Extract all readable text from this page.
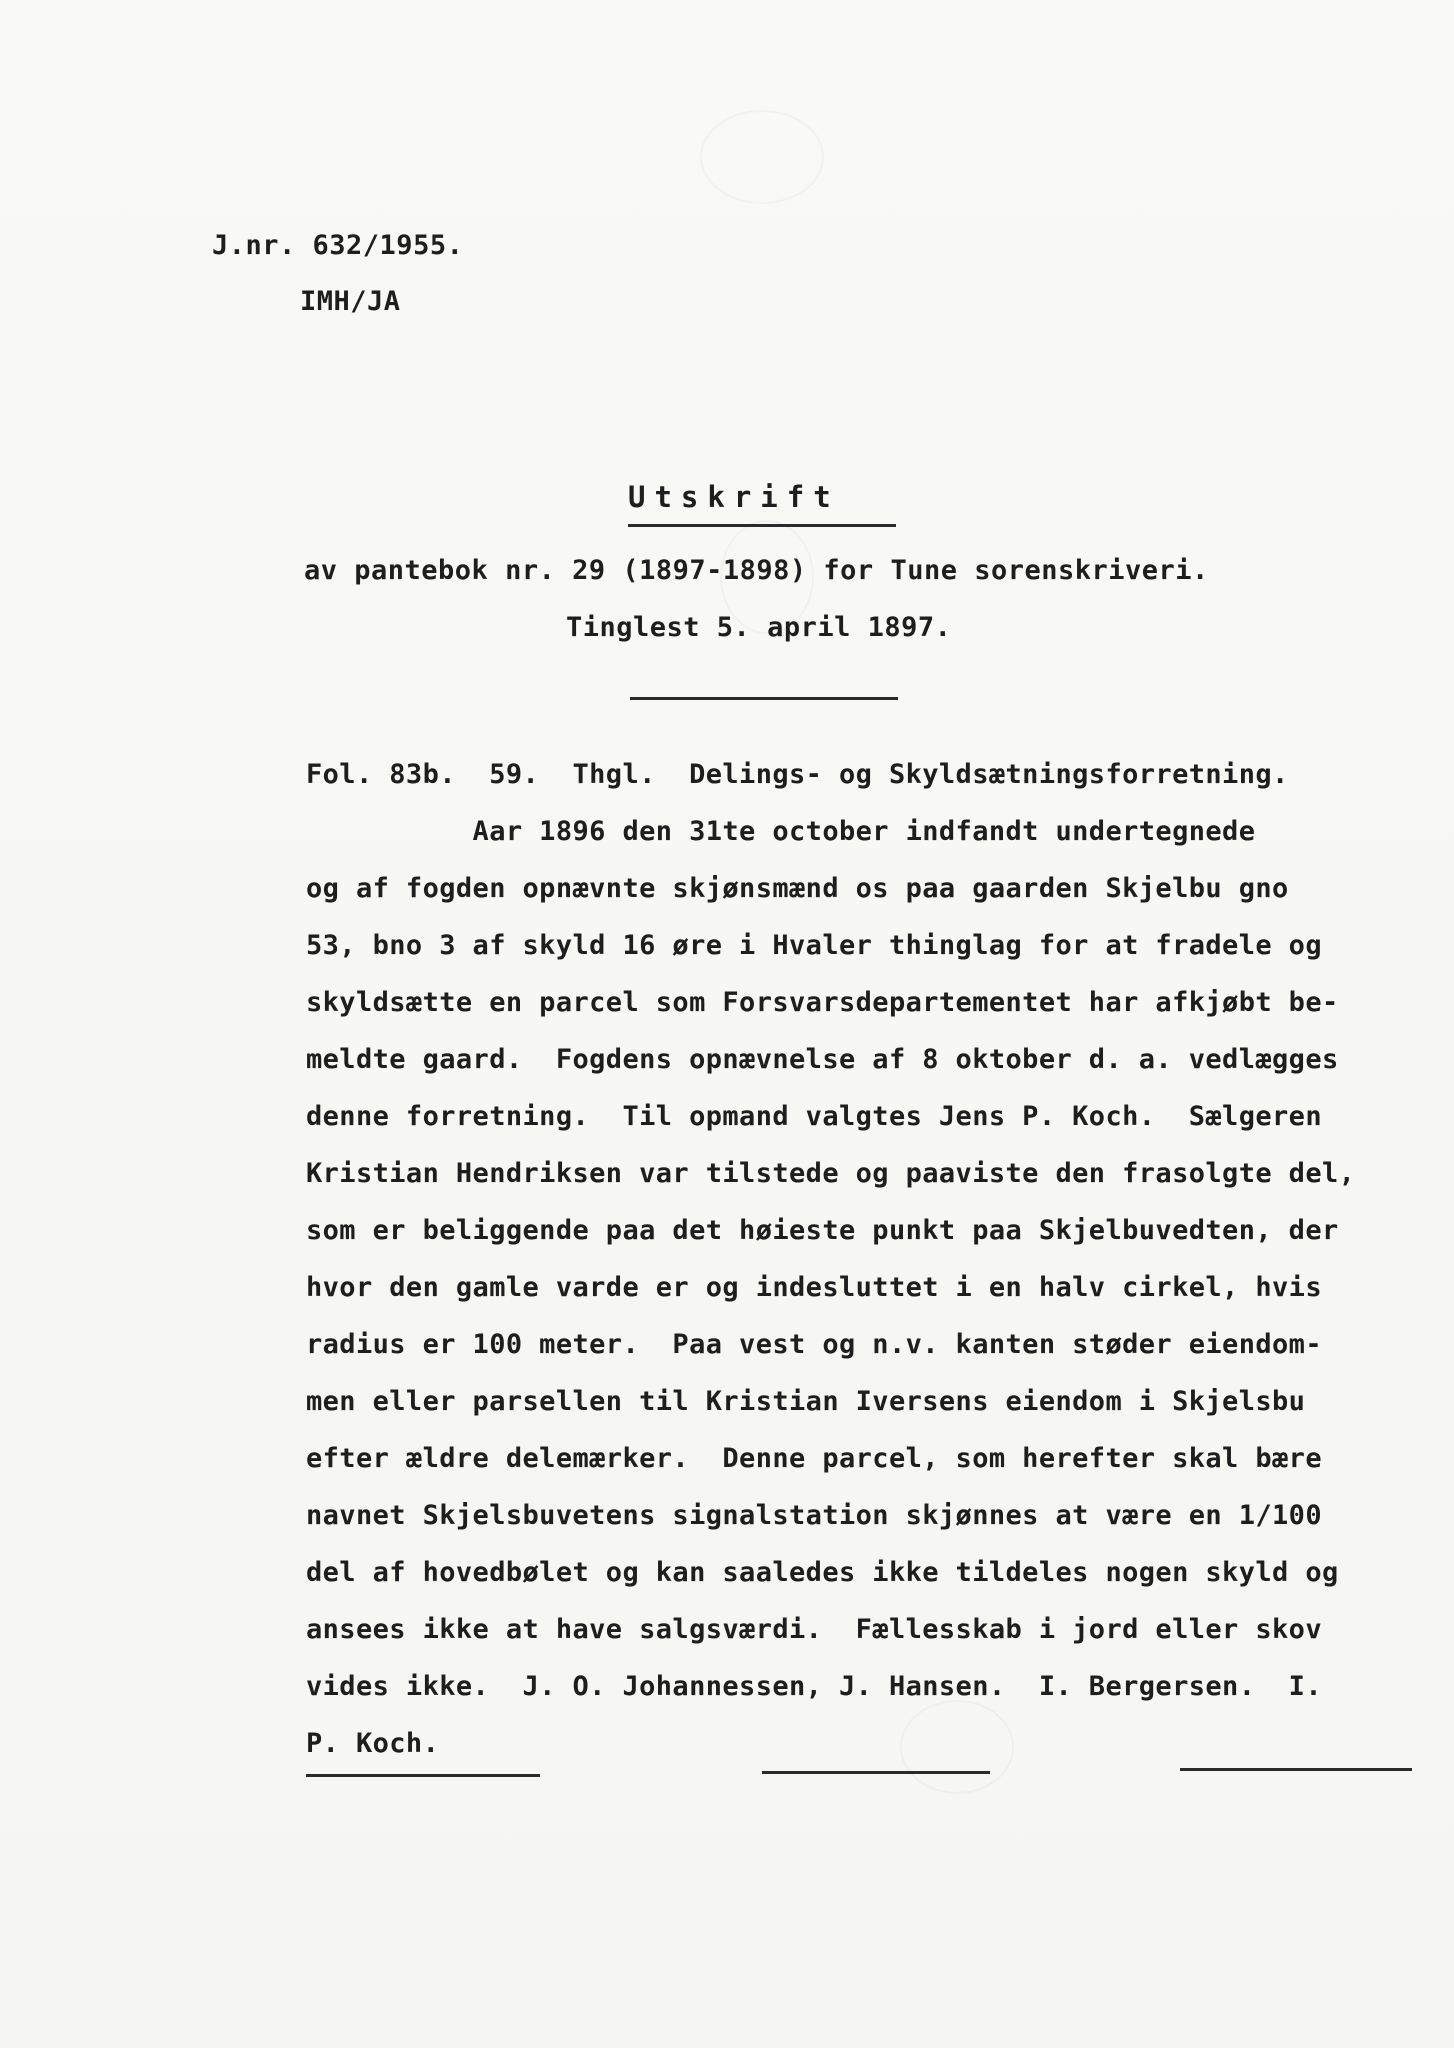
J.nr. 632/1955.
IMH/JA
Utskrift
av pantebok nr. 29 (1897-1898) for Tune sorenskriveri.
Tinglest 5. april 1897.
Fol. 83b.  59.  Thgl.  Delings- og Skyldsætningsforretning.
Aar 1896 den 31te october indfandt undertegnede
og af fogden opnævnte skjønsmænd os paa gaarden Skjelbu gno
53, bno 3 af skyld 16 øre i Hvaler thinglag for at fradele og
skyldsætte en parcel som Forsvarsdepartementet har afkjøbt be-
meldte gaard.  Fogdens opnævnelse af 8 oktober d. a. vedlægges
denne forretning.  Til opmand valgtes Jens P. Koch.  Sælgeren
Kristian Hendriksen var tilstede og paaviste den frasolgte del,
som er beliggende paa det høieste punkt paa Skjelbuvedten, der
hvor den gamle varde er og indesluttet i en halv cirkel, hvis
radius er 100 meter.  Paa vest og n.v. kanten støder eiendom-
men eller parsellen til Kristian Iversens eiendom i Skjelsbu
efter ældre delemærker.  Denne parcel, som herefter skal bære
navnet Skjelsbuvetens signalstation skjønnes at være en 1/100
del af hovedbølet og kan saaledes ikke tildeles nogen skyld og
ansees ikke at have salgsværdi.  Fællesskab i jord eller skov
vides ikke.  J. O. Johannessen, J. Hansen.  I. Bergersen.  I.
P. Koch.
